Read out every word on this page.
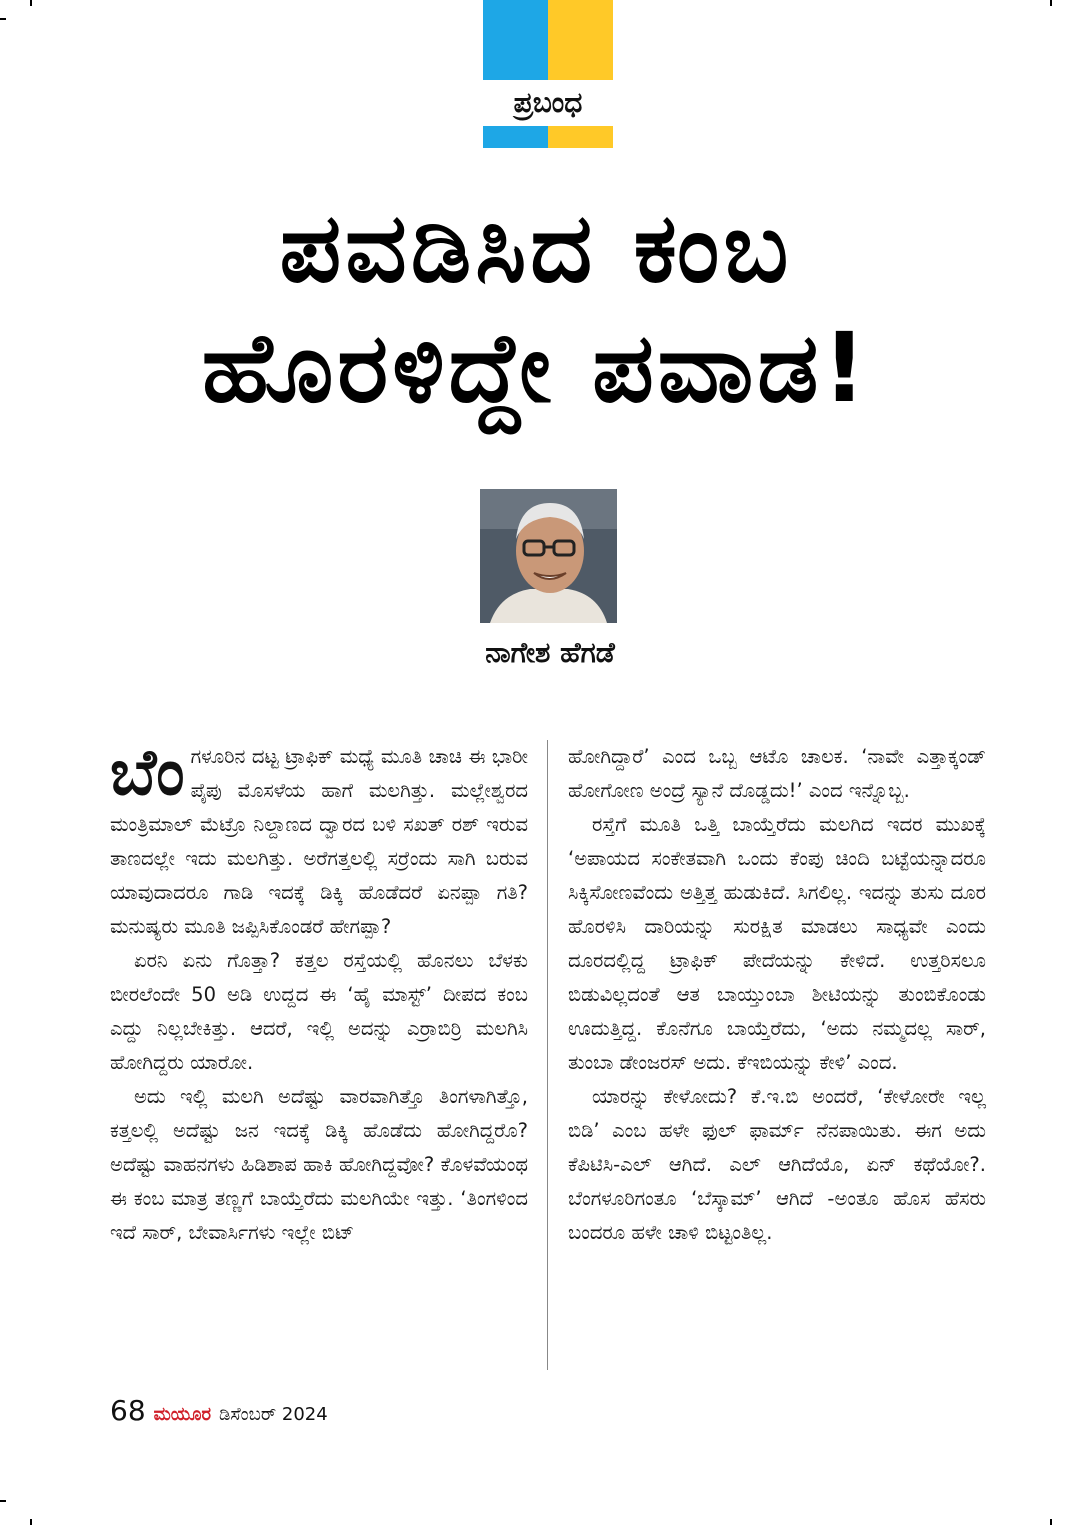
ಪ್ರಬಂಧ
ಪವಡಿಸಿದ ಕಂಬ
ಹೊರಳಿದ್ದೇ ಪವಾಡ!
ನಾಗೇಶ ಹೆಗಡೆ

ಬೆಂಗಳೂರಿನ ದಟ್ಟ ಟ್ರಾಫಿಕ್ ಮಧ್ಯೆ ಮೂತಿ ಚಾಚಿ ಈ ಭಾರೀ ಪೈಪು ಮೊಸಳೆಯ ಹಾಗೆ ಮಲಗಿತ್ತು. ಮಲ್ಲೇಶ್ವರದ ಮಂತ್ರಿಮಾಲ್ ಮೆಟ್ರೊ ನಿಲ್ದಾಣದ ದ್ವಾರದ ಬಳಿ ಸಖತ್ ರಶ್ ಇರುವ ತಾಣದಲ್ಲೇ ಇದು ಮಲಗಿತ್ತು. ಅರೆಗತ್ತಲಲ್ಲಿ ಸರ್ರೆಂದು ಸಾಗಿ ಬರುವ ಯಾವುದಾದರೂ ಗಾಡಿ ಇದಕ್ಕೆ ಡಿಕ್ಕಿ ಹೊಡೆದರೆ ಏನಪ್ಪಾ ಗತಿ? ಮನುಷ್ಯರು ಮೂತಿ ಜಪ್ಪಿಸಿಕೊಂಡರೆ ಹೇಗಪ್ಪಾ?

ಏರನಿ ಏನು ಗೊತ್ತಾ? ಕತ್ತಲ ರಸ್ತೆಯಲ್ಲಿ ಹೊನಲು ಬೆಳಕು ಬೀರಲೆಂದೇ 50 ಅಡಿ ಉದ್ದದ ಈ ‘ಹೈ ಮಾಸ್ಟ್’ ದೀಪದ ಕಂಬ ಎದ್ದು ನಿಲ್ಲಬೇಕಿತ್ತು. ಆದರೆ, ಇಲ್ಲಿ ಅದನ್ನು ಎರ್ರಾಬಿರ್ರಿ ಮಲಗಿಸಿ ಹೋಗಿದ್ದರು ಯಾರೋ.

ಅದು ಇಲ್ಲಿ ಮಲಗಿ ಅದೆಷ್ಟು ವಾರವಾಗಿತ್ತೊ ತಿಂಗಳಾಗಿತ್ತೊ, ಕತ್ತಲಲ್ಲಿ ಅದೆಷ್ಟು ಜನ ಇದಕ್ಕೆ ಡಿಕ್ಕಿ ಹೊಡೆದು ಹೋಗಿದ್ದರೊ? ಅದೆಷ್ಟು ವಾಹನಗಳು ಹಿಡಿಶಾಪ ಹಾಕಿ ಹೋಗಿದ್ದವೋ? ಕೊಳವೆಯಂಥ ಈ ಕಂಬ ಮಾತ್ರ ತಣ್ಣಗೆ ಬಾಯ್ತೆರೆದು ಮಲಗಿಯೇ ಇತ್ತು. ‘ತಿಂಗಳಿಂದ ಇದೆ ಸಾರ್, ಬೇವಾರ್ಸಿಗಳು ಇಲ್ಲೇ ಬಿಟ್

ಹೋಗಿದ್ದಾರೆ’ ಎಂದ ಒಬ್ಬ ಆಟೊ ಚಾಲಕ. ‘ನಾವೇ ಎತ್ತಾಕ್ಕಂಡ್ ಹೋಗೋಣ ಅಂದ್ರೆ ಸ್ಯಾನೆ ದೊಡ್ಡದು!’ ಎಂದ ಇನ್ನೊಬ್ಬ.

ರಸ್ತೆಗೆ ಮೂತಿ ಒತ್ತಿ ಬಾಯ್ತೆರೆದು ಮಲಗಿದ ಇದರ ಮುಖಕ್ಕೆ ‘ಅಪಾಯದ ಸಂಕೇತವಾಗಿ ಒಂದು ಕೆಂಪು ಚಿಂದಿ ಬಟ್ಟೆಯನ್ನಾದರೂ ಸಿಕ್ಕಿಸೋಣವೆಂದು ಅತ್ತಿತ್ತ ಹುಡುಕಿದೆ. ಸಿಗಲಿಲ್ಲ. ಇದನ್ನು ತುಸು ದೂರ ಹೊರಳಿಸಿ ದಾರಿಯನ್ನು ಸುರಕ್ಷಿತ ಮಾಡಲು ಸಾಧ್ಯವೇ ಎಂದು ದೂರದಲ್ಲಿದ್ದ ಟ್ರಾಫಿಕ್ ಪೇದೆಯನ್ನು ಕೇಳಿದೆ. ಉತ್ತರಿಸಲೂ ಬಿಡುವಿಲ್ಲದಂತೆ ಆತ ಬಾಯ್ತುಂಬಾ ಶೀಟಿಯನ್ನು ತುಂಬಿಕೊಂಡು ಊದುತ್ತಿದ್ದ. ಕೊನೆಗೂ ಬಾಯ್ತೆರೆದು, ‘ಅದು ನಮ್ಮದಲ್ಲ ಸಾರ್, ತುಂಬಾ ಡೇಂಜರಸ್ ಅದು. ಕೆಇಬಿಯನ್ನು ಕೇಳಿ’ ಎಂದ.

ಯಾರನ್ನು ಕೇಳೋದು? ಕೆ.ಇ.ಬಿ ಅಂದರೆ, ‘ಕೇಳೋರೇ ಇಲ್ಲ ಬಿಡಿ’ ಎಂಬ ಹಳೇ ಫುಲ್ ಫಾರ್ಮ್ ನೆನಪಾಯಿತು. ಈಗ ಅದು ಕೆಪಿಟಿಸಿ-ಎಲ್ ಆಗಿದೆ. ಎಲ್ ಆಗಿದೆಯೊ, ಏನ್ ಕಥೆಯೋ?. ಬೆಂಗಳೂರಿಗಂತೂ ‘ಬೆಸ್ಕಾಮ್’ ಆಗಿದೆ -ಅಂತೂ ಹೊಸ ಹೆಸರು ಬಂದರೂ ಹಳೇ ಚಾಳಿ ಬಿಟ್ಟಂತಿಲ್ಲ.

68 ಮಯೂರ ಡಿಸೆಂಬರ್ 2024
